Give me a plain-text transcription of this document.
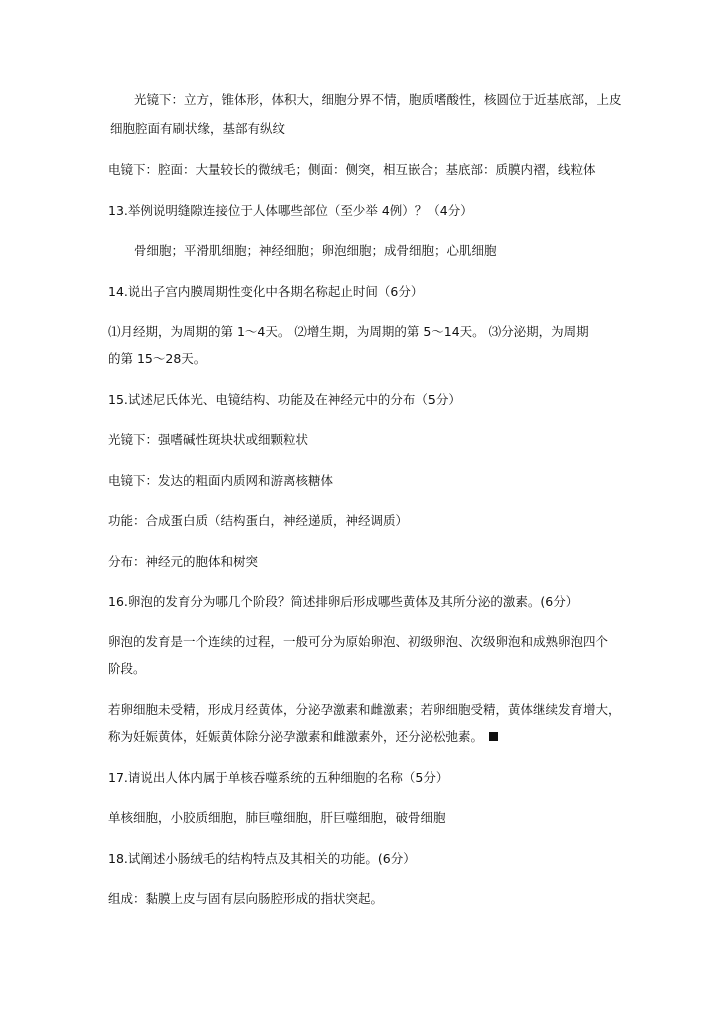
光镜下：立方，锥体形，体积大，细胞分界不情，胞质嗜酸性，核圆位于近基底部，上皮

细胞腔面有刷状缘，基部有纵纹

电镜下：腔面：大量较长的微绒毛；侧面：侧突，相互嵌合；基底部：质膜内褶，线粒体

13.举例说明缝隙连接位于人体哪些部位（至少举 4例）？（4分）

骨细胞；平滑肌细胞；神经细胞；卵泡细胞；成骨细胞；心肌细胞

14.说出子宫内膜周期性变化中各期名称起止时间（6分）

⑴月经期，为周期的第 1～4天。 ⑵增生期，为周期的第 5～14天。 ⑶分泌期，为周期

的第 15～28天。

15.试述尼氏体光、电镜结构、功能及在神经元中的分布（5分）

光镜下：强嗜碱性斑块状或细颗粒状

电镜下：发达的粗面内质网和游离核糖体

功能：合成蛋白质（结构蛋白，神经递质，神经调质）

分布：神经元的胞体和树突

16.卵泡的发育分为哪几个阶段？简述排卵后形成哪些黄体及其所分泌的激素。(6分）

卵泡的发育是一个连续的过程，一般可分为原始卵泡、初级卵泡、次级卵泡和成熟卵泡四个

阶段。

若卵细胞未受精，形成月经黄体，分泌孕激素和雌激素；若卵细胞受精，黄体继续发育增大，

称为妊娠黄体，妊娠黄体除分泌孕激素和雌激素外，还分泌松弛素。

17.请说出人体内属于单核吞噬系统的五种细胞的名称（5分）

单核细胞，小胶质细胞，肺巨噬细胞，肝巨噬细胞，破骨细胞

18.试阐述小肠绒毛的结构特点及其相关的功能。(6分）

组成：黏膜上皮与固有层向肠腔形成的指状突起。
